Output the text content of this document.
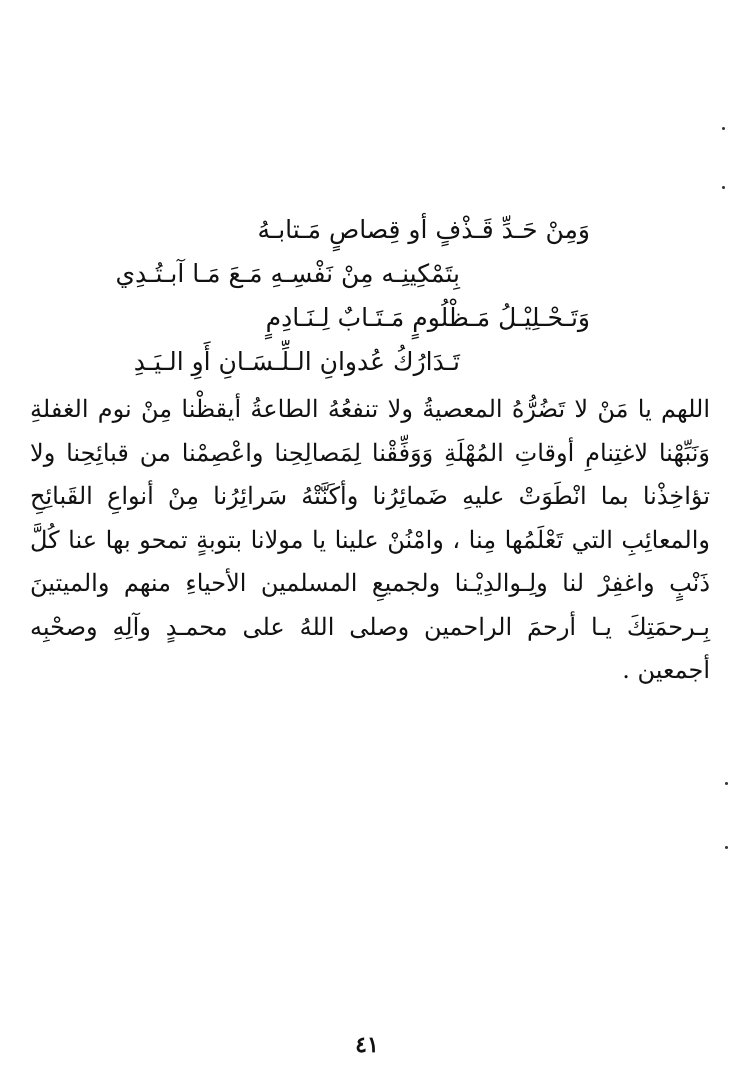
وَمِنْ حَـدِّ قَـذْفٍ أو قِصاصٍ مَـتابـهُ
بِتَمْكِينِـه مِنْ نَفْسِـهِ مَـعَ مَـا آبـتُـدِي
وَتَـحْـلِيْـلُ مَـظْلُومٍ مَـتَـابٌ لِـنَـادِمٍ
تَـدَارُكُ عُدوانِ الـلِّـسَـانِ أَوِ الـيَـدِ
اللهم يا مَنْ لا تَضُرُّهُ المعصيةُ ولا تنفعُهُ الطاعةُ أيقظْنا مِنْ نوم الغفلةِ وَنَبِّهْنا لاغتِنامِ أوقاتِ المُهْلَةِ وَوَفِّقْنا لِمَصالِحِنا واعْصِمْنا من قبائِحِنا ولا تؤاخِذْنا بما انْطَوَتْ عليهِ ضَمائِرُنا وأكَنَّتْهُ سَرائِرُنا مِنْ أنواعِ القَبائِحِ والمعائِبِ التي تَعْلَمُها مِنا ، وامْنُنْ علينا يا مولانا بتوبةٍ تمحو بها عنا كُلَّ ذَنْبٍ واغفِرْ لنا ولِـوالدِيْـنا ولجميعِ المسلمين الأحياءِ منهم والميتينَ بِـرحمَتِكَ يـا أرحمَ الراحمين وصلى اللهُ على محمـدٍ وآلِهِ وصحْبِه أجمعين .
٤١
